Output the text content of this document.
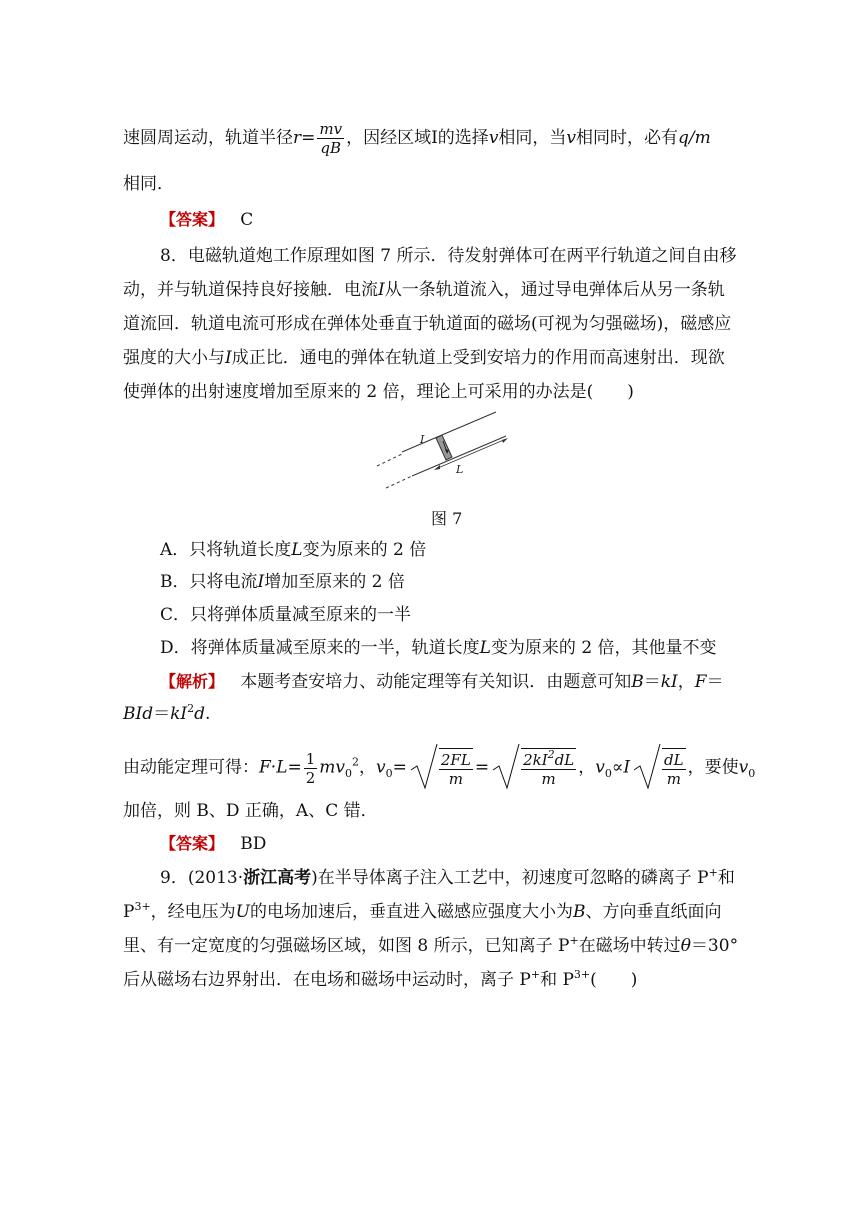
速圆周运动，轨道半径$r= \frac{mv}{qB}$ ，因经区域Ⅰ的选择v相同，当v相同时，必有q/m
相同．
【答案】 C
8．电磁轨道炮工作原理如图 7 所示．待发射弹体可在两平行轨道之间自由移
动，并与轨道保持良好接触．电流I从一条轨道流入，通过导电弹体后从另一条轨
道流回．轨道电流可形成在弹体处垂直于轨道面的磁场(可视为匀强磁场)，磁感应
强度的大小与I成正比．通电的弹体在轨道上受到安培力的作用而高速射出．现欲
使弹体的出射速度增加至原来的 2 倍，理论上可采用的办法是(　　)
I
L
图 7
A．只将轨道长度L变为原来的 2 倍
B．只将电流I增加至原来的 2 倍
C．只将弹体质量减至原来的一半
D．将弹体质量减至原来的一半，轨道长度L变为原来的 2 倍，其他量不变
【解析】 本题考查安培力、动能定理等有关知识．由题意可知B＝kI，F＝
$BId=kI^2d$.
由动能定理可得：$F\cdot L= \frac{1}{2} mv_0^2$，$v_0= \frac{2FL}{m} = \frac{2kI^2dL}{m}$ ，$v_0\propto I \frac{dL}{m}$ ，要使$v_0$
加倍，则 B、D 正确，A、C 错．
【答案】 BD
9．(2013·浙江高考)在半导体离子注入工艺中，初速度可忽略的磷离子 P+和
$P^{3+}$，经电压为U的电场加速后，垂直进入磁感应强度大小为B、方向垂直纸面向
里、有一定宽度的匀强磁场区域，如图 8 所示，已知离子 P+在磁场中转过θ＝30°
后从磁场右边界射出．在电场和磁场中运动时，离子 P+和 $P^{3+}$(　　)
